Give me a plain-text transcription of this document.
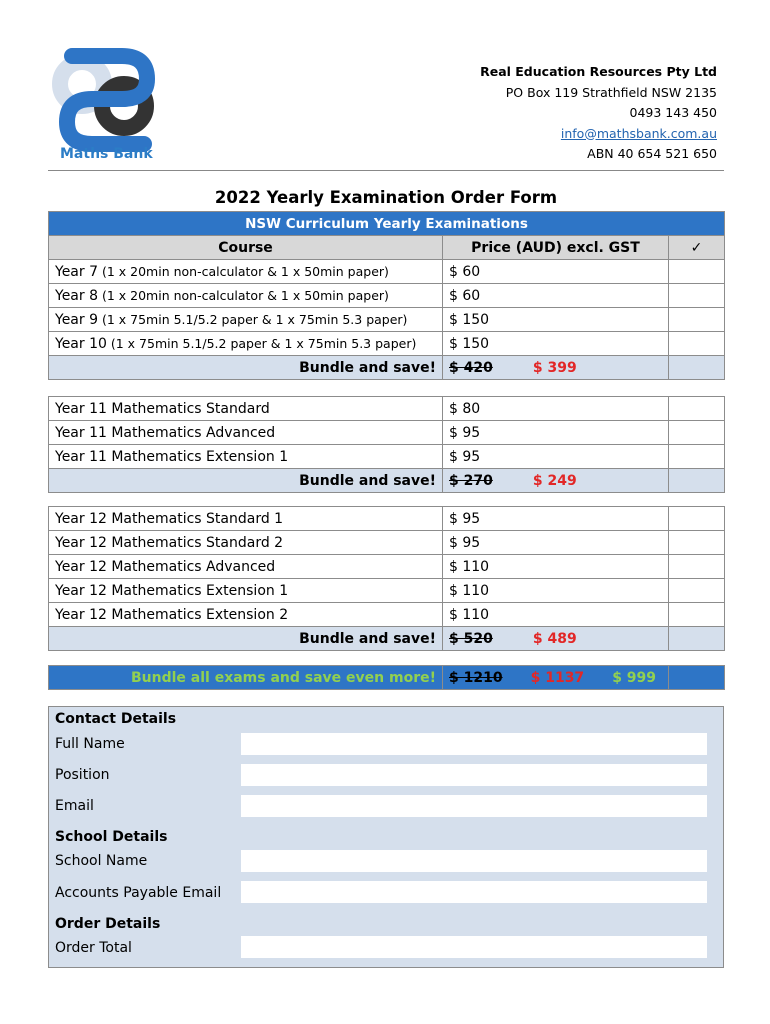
Maths Bank
Real Education Resources Pty Ltd
PO Box 119 Strathfield NSW 2135
0493 143 450
info@mathsbank.com.au
ABN 40 654 521 650
2022 Yearly Examination Order Form
NSW Curriculum Yearly Examinations		
Course	Price (AUD) excl. GST	✓
Year 7 (1 x 20min non-calculator & 1 x 50min paper)	$ 60	
Year 8 (1 x 20min non-calculator & 1 x 50min paper)	$ 60	
Year 9 (1 x 75min 5.1/5.2 paper & 1 x 75min 5.3 paper)	$ 150	
Year 10 (1 x 75min 5.1/5.2 paper & 1 x 75min 5.3 paper)	$ 150	
Bundle and save!	$ 420 $ 399	
Year 11 Mathematics Standard	$ 80	
Year 11 Mathematics Advanced	$ 95	
Year 11 Mathematics Extension 1	$ 95	
Bundle and save!	$ 270 $ 249	
Year 12 Mathematics Standard 1	$ 95	
Year 12 Mathematics Standard 2	$ 95	
Year 12 Mathematics Advanced	$ 110	
Year 12 Mathematics Extension 1	$ 110	
Year 12 Mathematics Extension 2	$ 110	
Bundle and save!	$ 520 $ 489	
Bundle all exams and save even more!	$ 1210 $ 1137 $ 999	
Contact Details
Full Name
Position
Email
School Details
School Name
Accounts Payable Email
Order Details
Order Total
